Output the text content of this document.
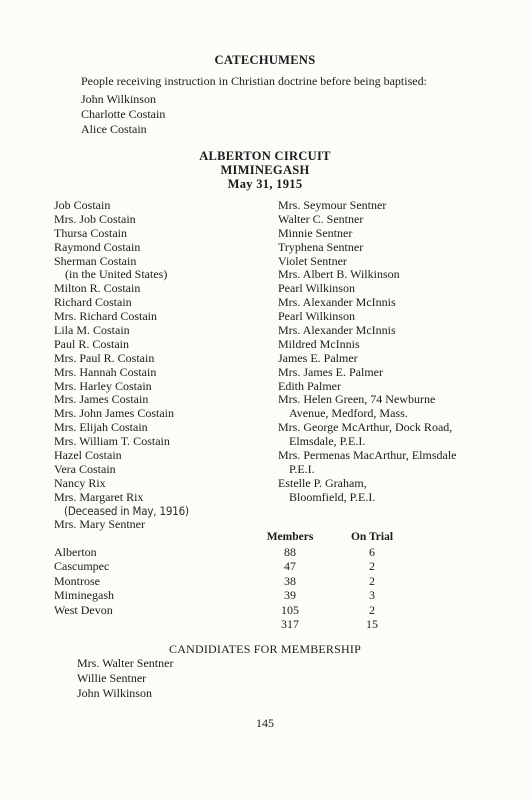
CATECHUMENS
People receiving instruction in Christian doctrine before being baptised:
John Wilkinson
Charlotte Costain
Alice Costain
ALBERTON CIRCUIT
MIMINEGASH
May 31, 1915
Job Costain
Mrs. Job Costain
Thursa Costain
Raymond Costain
Sherman Costain
(in the United States)
Milton R. Costain
Richard Costain
Mrs. Richard Costain
Lila M. Costain
Paul R. Costain
Mrs. Paul R. Costain
Mrs. Hannah Costain
Mrs. Harley Costain
Mrs. James Costain
Mrs. John James Costain
Mrs. Elijah Costain
Mrs. William T. Costain
Hazel Costain
Vera Costain
Nancy Rix
Mrs. Margaret Rix
(Deceased in May, 1916)
Mrs. Mary Sentner
Mrs. Seymour Sentner
Walter C. Sentner
Minnie Sentner
Tryphena Sentner
Violet Sentner
Mrs. Albert B. Wilkinson
Pearl Wilkinson
Mrs. Alexander McInnis
Pearl Wilkinson
Mrs. Alexander McInnis
Mildred McInnis
James E. Palmer
Mrs. James E. Palmer
Edith Palmer
Mrs. Helen Green, 74 Newburne
Avenue, Medford, Mass.
Mrs. George McArthur, Dock Road,
Elmsdale, P.E.I.
Mrs. Permenas MacArthur, Elmsdale
P.E.I.
Estelle P. Graham,
Bloomfield, P.E.I.
	Members	On Trial
Alberton	88	6
Cascumpec	47	2
Montrose	38	2
Miminegash	39	3
West Devon	105	2
	317	15
CANDIDIATES FOR MEMBERSHIP
Mrs. Walter Sentner
Willie Sentner
John Wilkinson
145
